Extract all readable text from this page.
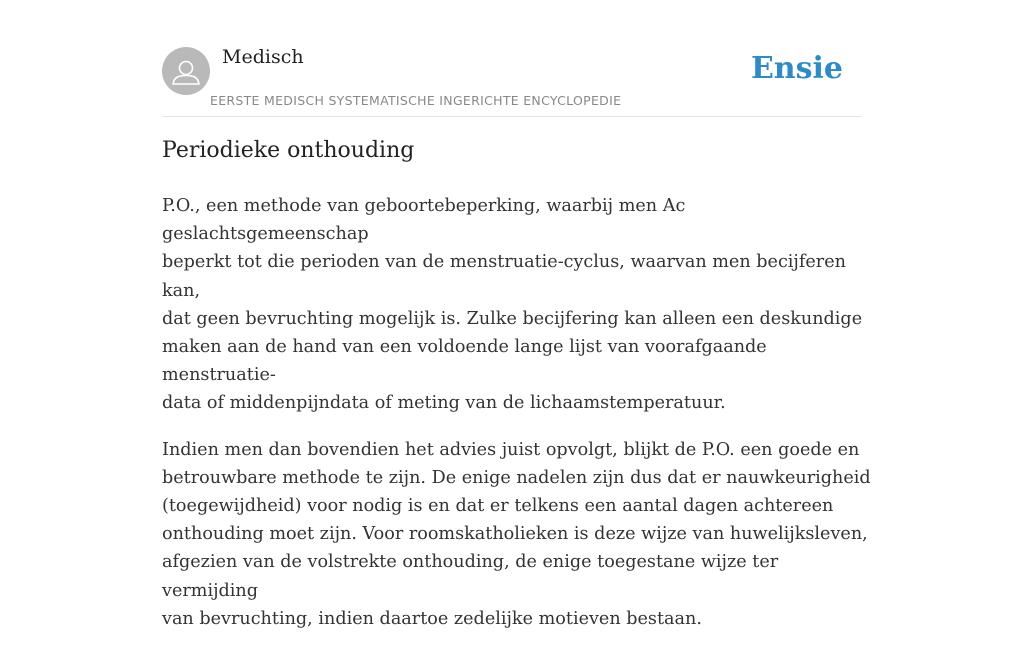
Medisch
EERSTE MEDISCH SYSTEMATISCHE INGERICHTE ENCYCLOPEDIE
Ensie
Periodieke onthouding

P.O., een methode van geboortebeperking, waarbij men Ac geslachtsgemeenschap
beperkt tot die perioden van de menstruatie-cyclus, waarvan men becijferen kan,
dat geen bevruchting mogelijk is. Zulke becijfering kan alleen een deskundige
maken aan de hand van een voldoende lange lijst van voorafgaande menstruatie-
data of middenpijndata of meting van de lichaamstemperatuur.

Indien men dan bovendien het advies juist opvolgt, blijkt de P.O. een goede en
betrouwbare methode te zijn. De enige nadelen zijn dus dat er nauwkeurigheid
(toegewijdheid) voor nodig is en dat er telkens een aantal dagen achtereen
onthouding moet zijn. Voor roomskatholieken is deze wijze van huwelijksleven,
afgezien van de volstrekte onthouding, de enige toegestane wijze ter vermijding
van bevruchting, indien daartoe zedelijke motieven bestaan.
